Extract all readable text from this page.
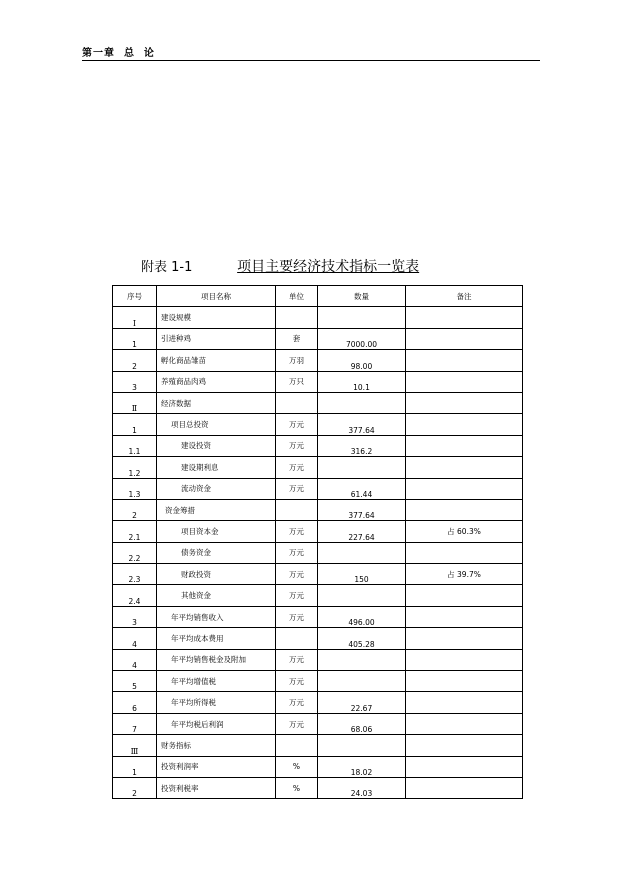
第一章  总  论
附表 1-1	项目主要经济技术指标一览表
序号	项目名称	单位	数量	备注
Ⅰ	建设规模			
1	引进种鸡	套	7000.00	
2	孵化商品雏苗	万羽	98.00	
3	养殖商品肉鸡	万只	10.1	
Ⅱ	经济数据			
1	项目总投资	万元	377.64	
1.1	建设投资	万元	316.2	
1.2	建设期利息	万元		
1.3	流动资金	万元	61.44	
2	资金筹措		377.64	
2.1	项目资本金	万元	227.64	占 60.3%
2.2	债务资金	万元		
2.3	财政投资	万元	150	占 39.7%
2.4	其他资金	万元		
3	年平均销售收入	万元	496.00	
4	年平均成本费用		405.28	
4	年平均销售税金及附加	万元		
5	年平均增值税	万元		
6	年平均所得税	万元	22.67	
7	年平均税后利润	万元	68.06	
Ⅲ	财务指标			
1	投资利润率	%	18.02	
2	投资利税率	%	24.03	
